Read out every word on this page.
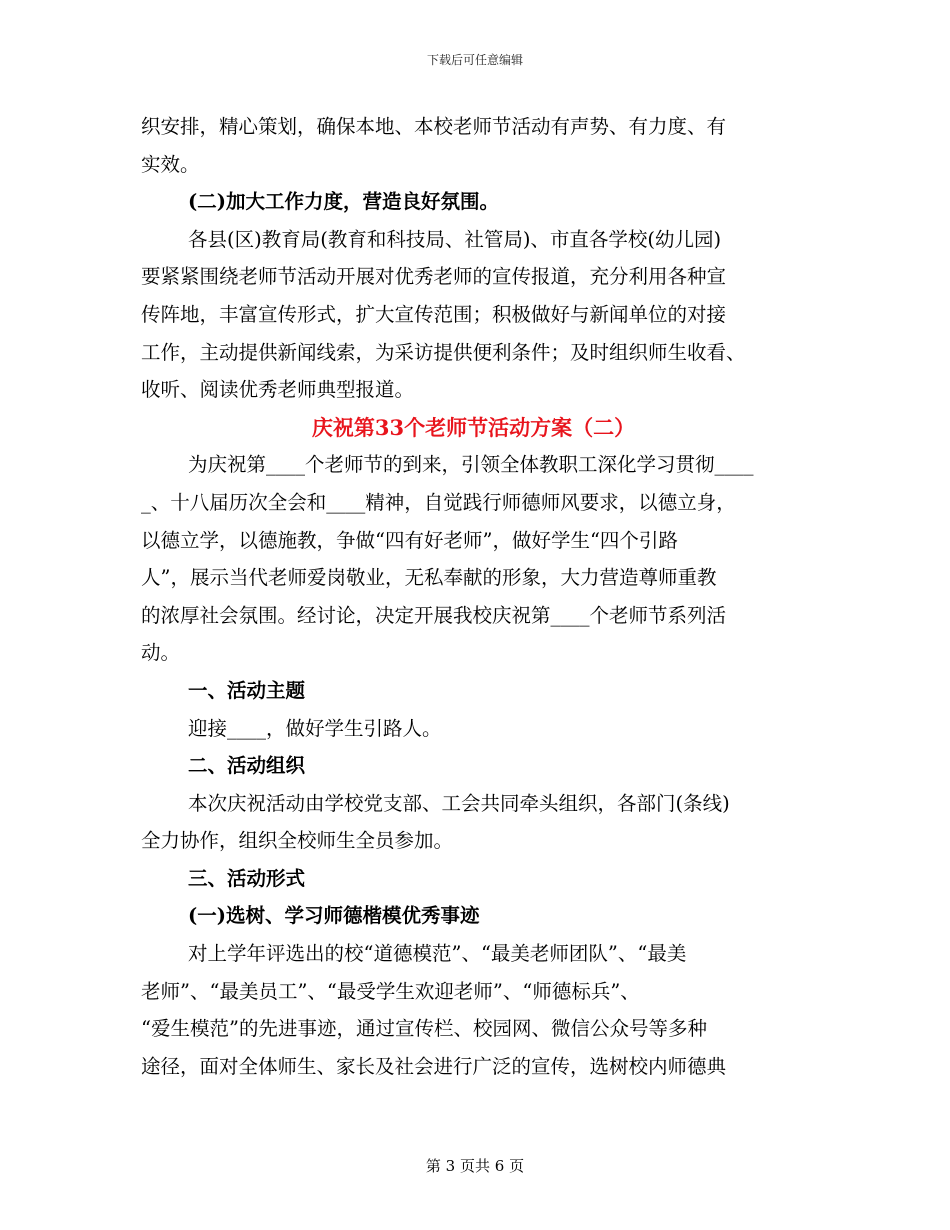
下载后可任意编辑
织安排，精心策划，确保本地、本校老师节活动有声势、有力度、有
实效。
(二)加大工作力度，营造良好氛围。
各县(区)教育局(教育和科技局、社管局)、市直各学校(幼儿园)
要紧紧围绕老师节活动开展对优秀老师的宣传报道，充分利用各种宣
传阵地，丰富宣传形式，扩大宣传范围；积极做好与新闻单位的对接
工作，主动提供新闻线索，为采访提供便利条件；及时组织师生收看、
收听、阅读优秀老师典型报道。
庆祝第33个老师节活动方案（二）
为庆祝第____个老师节的到来，引领全体教职工深化学习贯彻____
_、十八届历次全会和____精神，自觉践行师德师风要求，以德立身，
以德立学，以德施教，争做“四有好老师”，做好学生“四个引路
人”，展示当代老师爱岗敬业，无私奉献的形象，大力营造尊师重教
的浓厚社会氛围。经讨论，决定开展我校庆祝第____个老师节系列活
动。
一、活动主题
迎接____，做好学生引路人。
二、活动组织
本次庆祝活动由学校党支部、工会共同牵头组织，各部门(条线)
全力协作，组织全校师生全员参加。
三、活动形式
(一)选树、学习师德楷模优秀事迹
对上学年评选出的校“道德模范”、“最美老师团队”、“最美
老师”、“最美员工”、“最受学生欢迎老师”、“师德标兵”、
“爱生模范”的先进事迹，通过宣传栏、校园网、微信公众号等多种
途径，面对全体师生、家长及社会进行广泛的宣传，选树校内师德典
第 3 页共 6 页
